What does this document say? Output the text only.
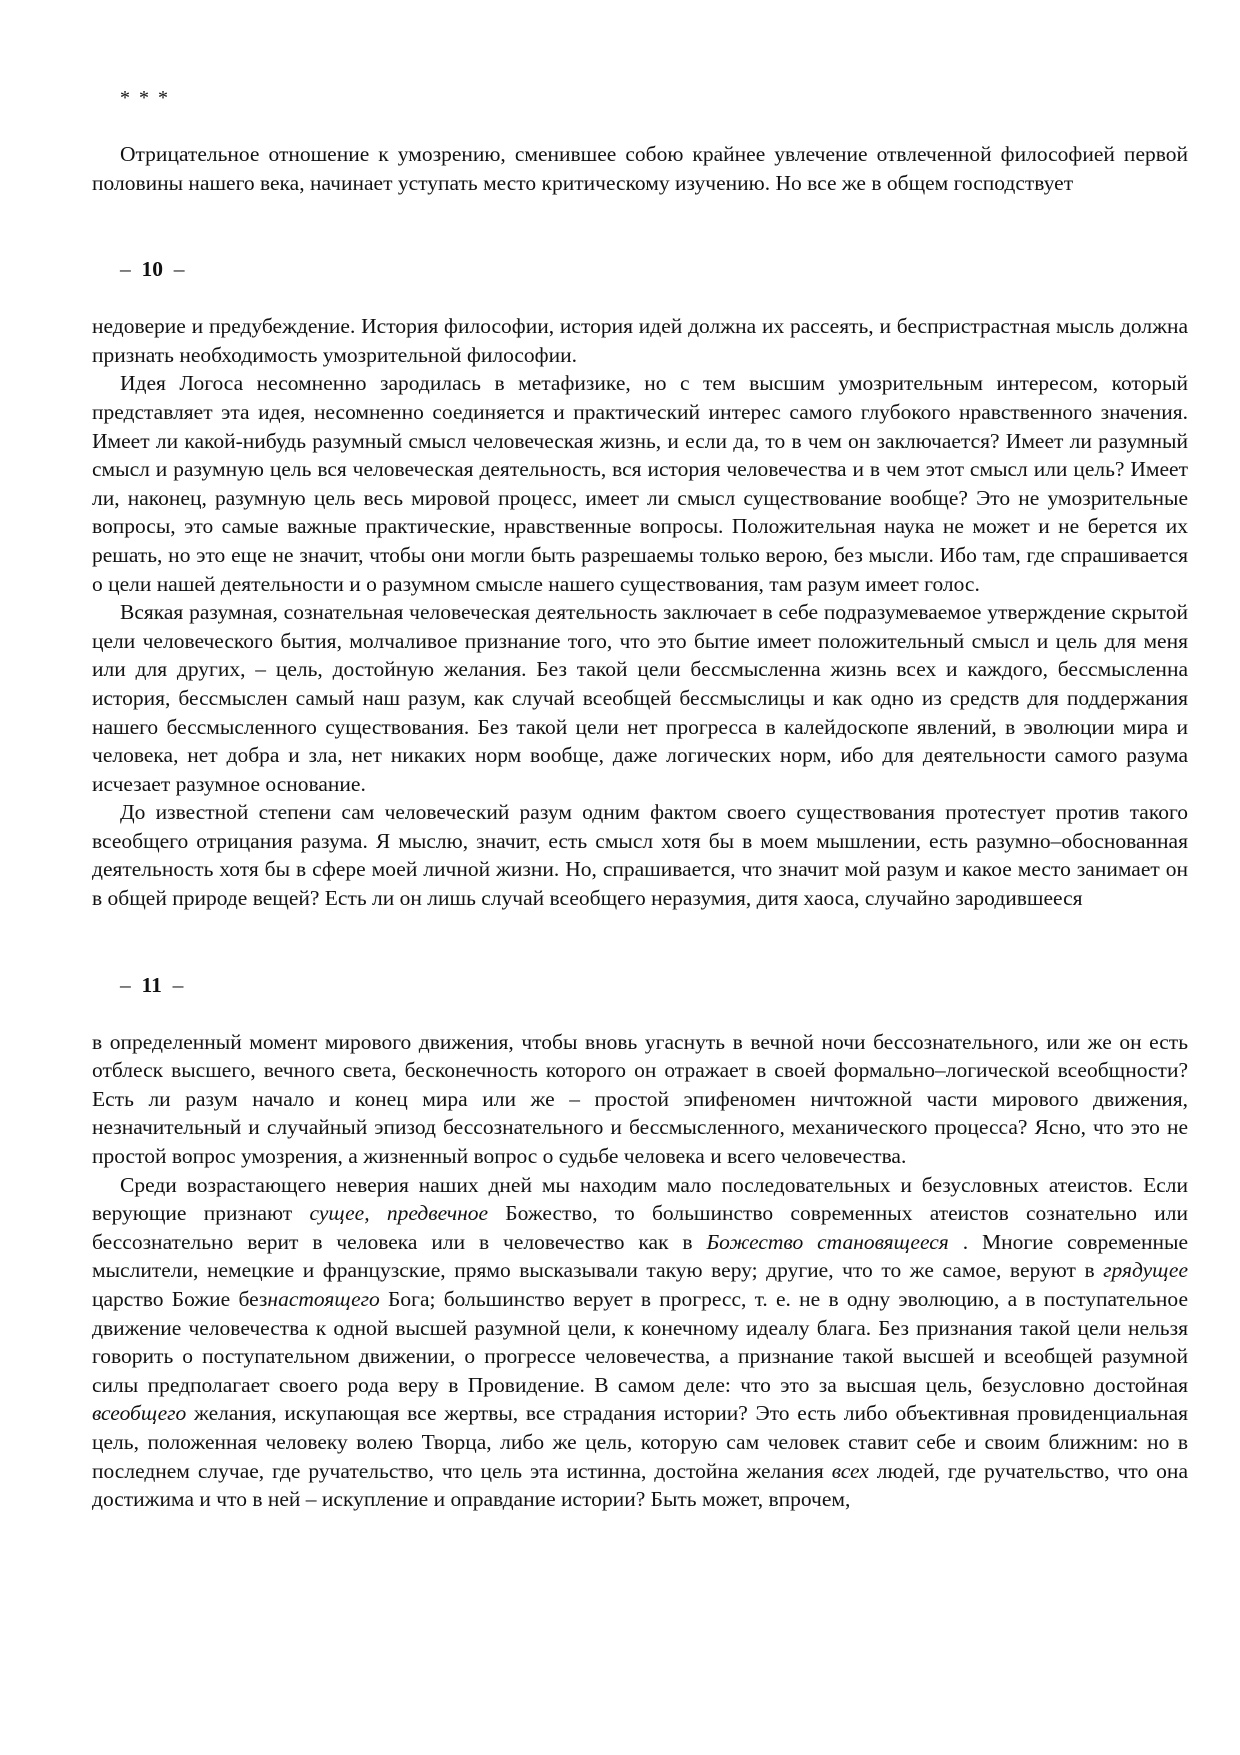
* * *

Отрицательное отношение к умозрению, сменившее собою крайнее увлечение отвлеченной философией первой половины нашего века, начинает уступать место критическому изучению. Но все же в общем господствует

– 10 –

недоверие и предубеждение. История философии, история идей должна их рассеять, и беспристрастная мысль должна признать необходимость умозрительной философии.

Идея Логоса несомненно зародилась в метафизике, но с тем высшим умозрительным интересом, который представляет эта идея, несомненно соединяется и практический интерес самого глубокого нравственного значения. Имеет ли какой-нибудь разумный смысл человеческая жизнь, и если да, то в чем он заключается? Имеет ли разумный смысл и разумную цель вся человеческая деятельность, вся история человечества и в чем этот смысл или цель? Имеет ли, наконец, разумную цель весь мировой процесс, имеет ли смысл существование вообще? Это не умозрительные вопросы, это самые важные практические, нравственные вопросы. Положительная наука не может и не берется их решать, но это еще не значит, чтобы они могли быть разрешаемы только верою, без мысли. Ибо там, где спрашивается о цели нашей деятельности и о разумном смысле нашего существования, там разум имеет голос.

Всякая разумная, сознательная человеческая деятельность заключает в себе подразумеваемое утверждение скрытой цели человеческого бытия, молчаливое признание того, что это бытие имеет положительный смысл и цель для меня или для других, – цель, достойную желания. Без такой цели бессмысленна жизнь всех и каждого, бессмысленна история, бессмыслен самый наш разум, как случай всеобщей бессмыслицы и как одно из средств для поддержания нашего бессмысленного существования. Без такой цели нет прогресса в калейдоскопе явлений, в эволюции мира и человека, нет добра и зла, нет никаких норм вообще, даже логических норм, ибо для деятельности самого разума исчезает разумное основание.

До известной степени сам человеческий разум одним фактом своего существования протестует против такого всеобщего отрицания разума. Я мыслю, значит, есть смысл хотя бы в моем мышлении, есть разумно–обоснованная деятельность хотя бы в сфере моей личной жизни. Но, спрашивается, что значит мой разум и какое место занимает он в общей природе вещей? Есть ли он лишь случай всеобщего неразумия, дитя хаоса, случайно зародившееся

– 11 –

в определенный момент мирового движения, чтобы вновь угаснуть в вечной ночи бессознательного, или же он есть отблеск высшего, вечного света, бесконечность которого он отражает в своей формально–логической всеобщности? Есть ли разум начало и конец мира или же – простой эпифеномен ничтожной части мирового движения, незначительный и случайный эпизод бессознательного и бессмысленного, механического процесса? Ясно, что это не простой вопрос умозрения, а жизненный вопрос о судьбе человека и всего человечества.

Среди возрастающего неверия наших дней мы находим мало последовательных и безусловных атеистов. Если верующие признают сущее, предвечное Божество, то большинство современных атеистов сознательно или бессознательно верит в человека или в человечество как в Божество становящееся . Многие современные мыслители, немецкие и французские, прямо высказывали такую веру; другие, что то же самое, веруют в грядущее царство Божие безнастоящего Бога; большинство верует в прогресс, т. е. не в одну эволюцию, а в поступательное движение человечества к одной высшей разумной цели, к конечному идеалу блага. Без признания такой цели нельзя говорить о поступательном движении, о прогрессе человечества, а признание такой высшей и всеобщей разумной силы предполагает своего рода веру в Провидение. В самом деле: что это за высшая цель, безусловно достойная всеобщего желания, искупающая все жертвы, все страдания истории? Это есть либо объективная провиденциальная цель, положенная человеку волею Творца, либо же цель, которую сам человек ставит себе и своим ближним: но в последнем случае, где ручательство, что цель эта истинна, достойна желания всех людей, где ручательство, что она достижима и что в ней – искупление и оправдание истории? Быть может, впрочем,
